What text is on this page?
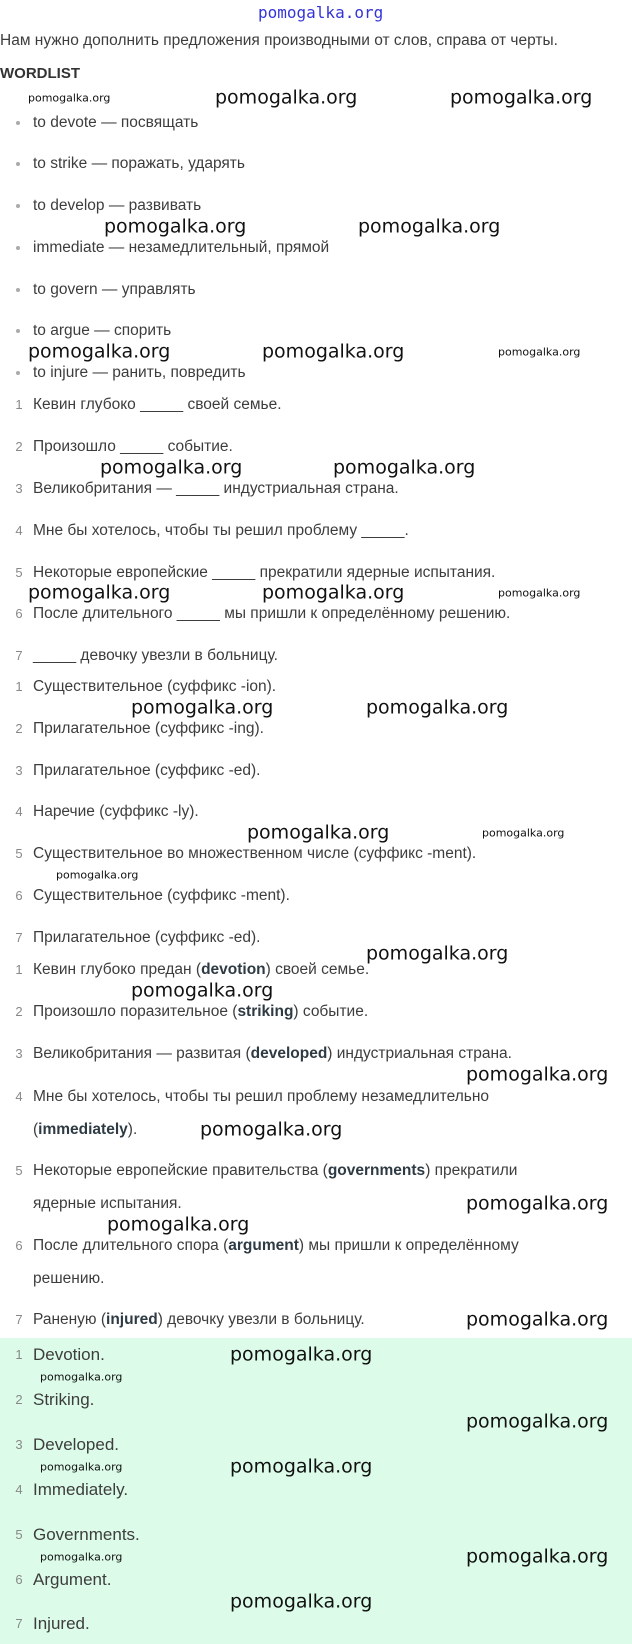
pomogalka.org
Нам нужно дополнить предложения производными от слов, справа от черты.
WORDLIST
to devote — посвящать
to strike — поражать, ударять
to develop — развивать
immediate — незамедлительный, прямой
to govern — управлять
to argue — спорить
to injure — ранить, повредить
1 Кевин глубоко _____ своей семье.
2 Произошло _____ событие.
3 Великобритания — _____ индустриальная страна.
4 Мне бы хотелось, чтобы ты решил проблему _____.
5 Некоторые европейские _____ прекратили ядерные испытания.
6 После длительного _____ мы пришли к определённому решению.
7 _____ девочку увезли в больницу.
1 Существительное (суффикс -ion).
2 Прилагательное (суффикс -ing).
3 Прилагательное (суффикс -ed).
4 Наречие (суффикс -ly).
5 Существительное во множественном числе (суффикс -ment).
6 Существительное (суффикс -ment).
7 Прилагательное (суффикс -ed).
1 Кевин глубоко предан (devotion) своей семье.
2 Произошло поразительное (striking) событие.
3 Великобритания — развитая (developed) индустриальная страна.
4 Мне бы хотелось, чтобы ты решил проблему незамедлительно
(immediately).
5 Некоторые европейские правительства (governments) прекратили
ядерные испытания.
6 После длительного спора (argument) мы пришли к определённому
решению.
7 Раненую (injured) девочку увезли в больницу.
1 Devotion.
2 Striking.
3 Developed.
4 Immediately.
5 Governments.
6 Argument.
7 Injured.
pomogalka.org	pomogalka.org
pomogalka.org	pomogalka.org
pomogalka.org	pomogalka.org
pomogalka.org	pomogalka.org
pomogalka.org	pomogalka.org
pomogalka.org	pomogalka.org
pomogalka.org
pomogalka.org
pomogalka.org
pomogalka.org
pomogalka.org
pomogalka.org
pomogalka.org
pomogalka.org
pomogalka.org
pomogalka.org
pomogalka.org
pomogalka.org
pomogalka.org
pomogalka.org
pomogalka.org
pomogalka.org
pomogalka.org
pomogalka.org
pomogalka.org
pomogalka.org
pomogalka.org
